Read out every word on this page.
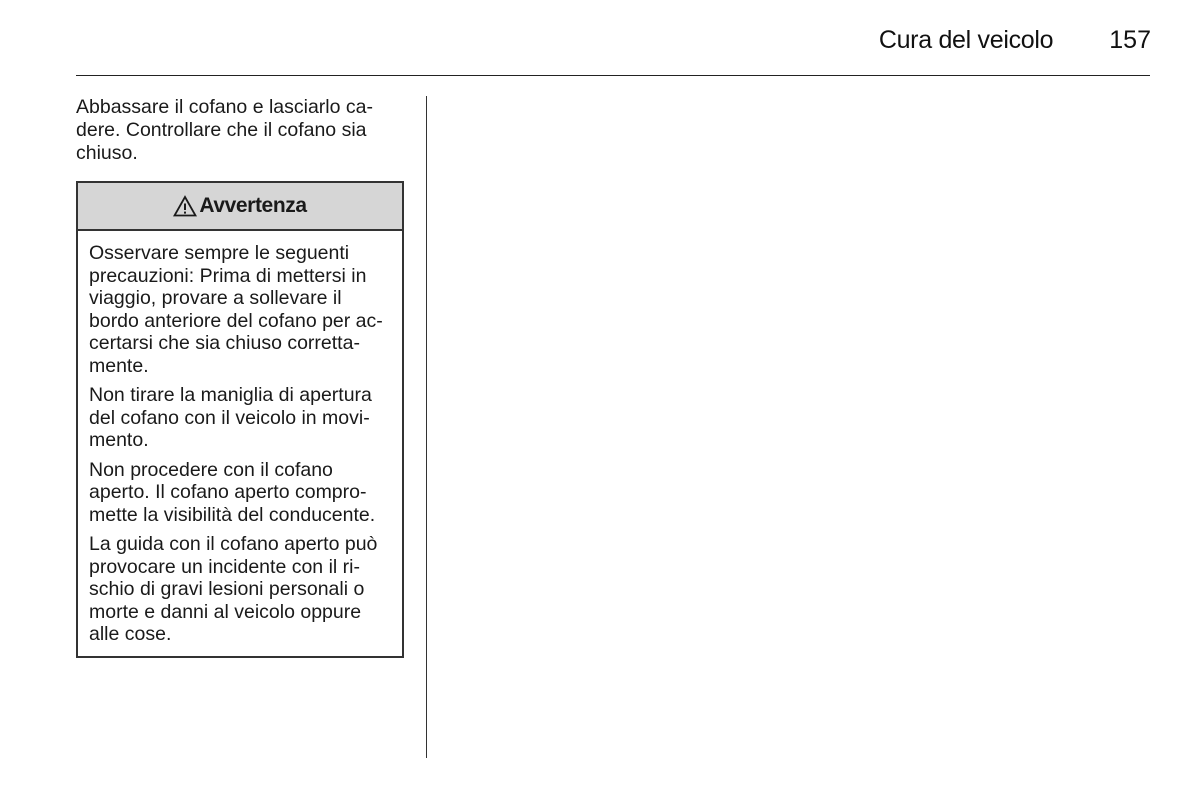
Cura del veicolo 157

Abbassare il cofano e lasciarlo ca-
dere. Controllare che il cofano sia
chiuso.

Avvertenza

Osservare sempre le seguenti
precauzioni: Prima di mettersi in
viaggio, provare a sollevare il
bordo anteriore del cofano per ac-
certarsi che sia chiuso corretta-
mente.

Non tirare la maniglia di apertura
del cofano con il veicolo in movi-
mento.

Non procedere con il cofano
aperto. Il cofano aperto compro-
mette la visibilità del conducente.

La guida con il cofano aperto può
provocare un incidente con il ri-
schio di gravi lesioni personali o
morte e danni al veicolo oppure
alle cose.
